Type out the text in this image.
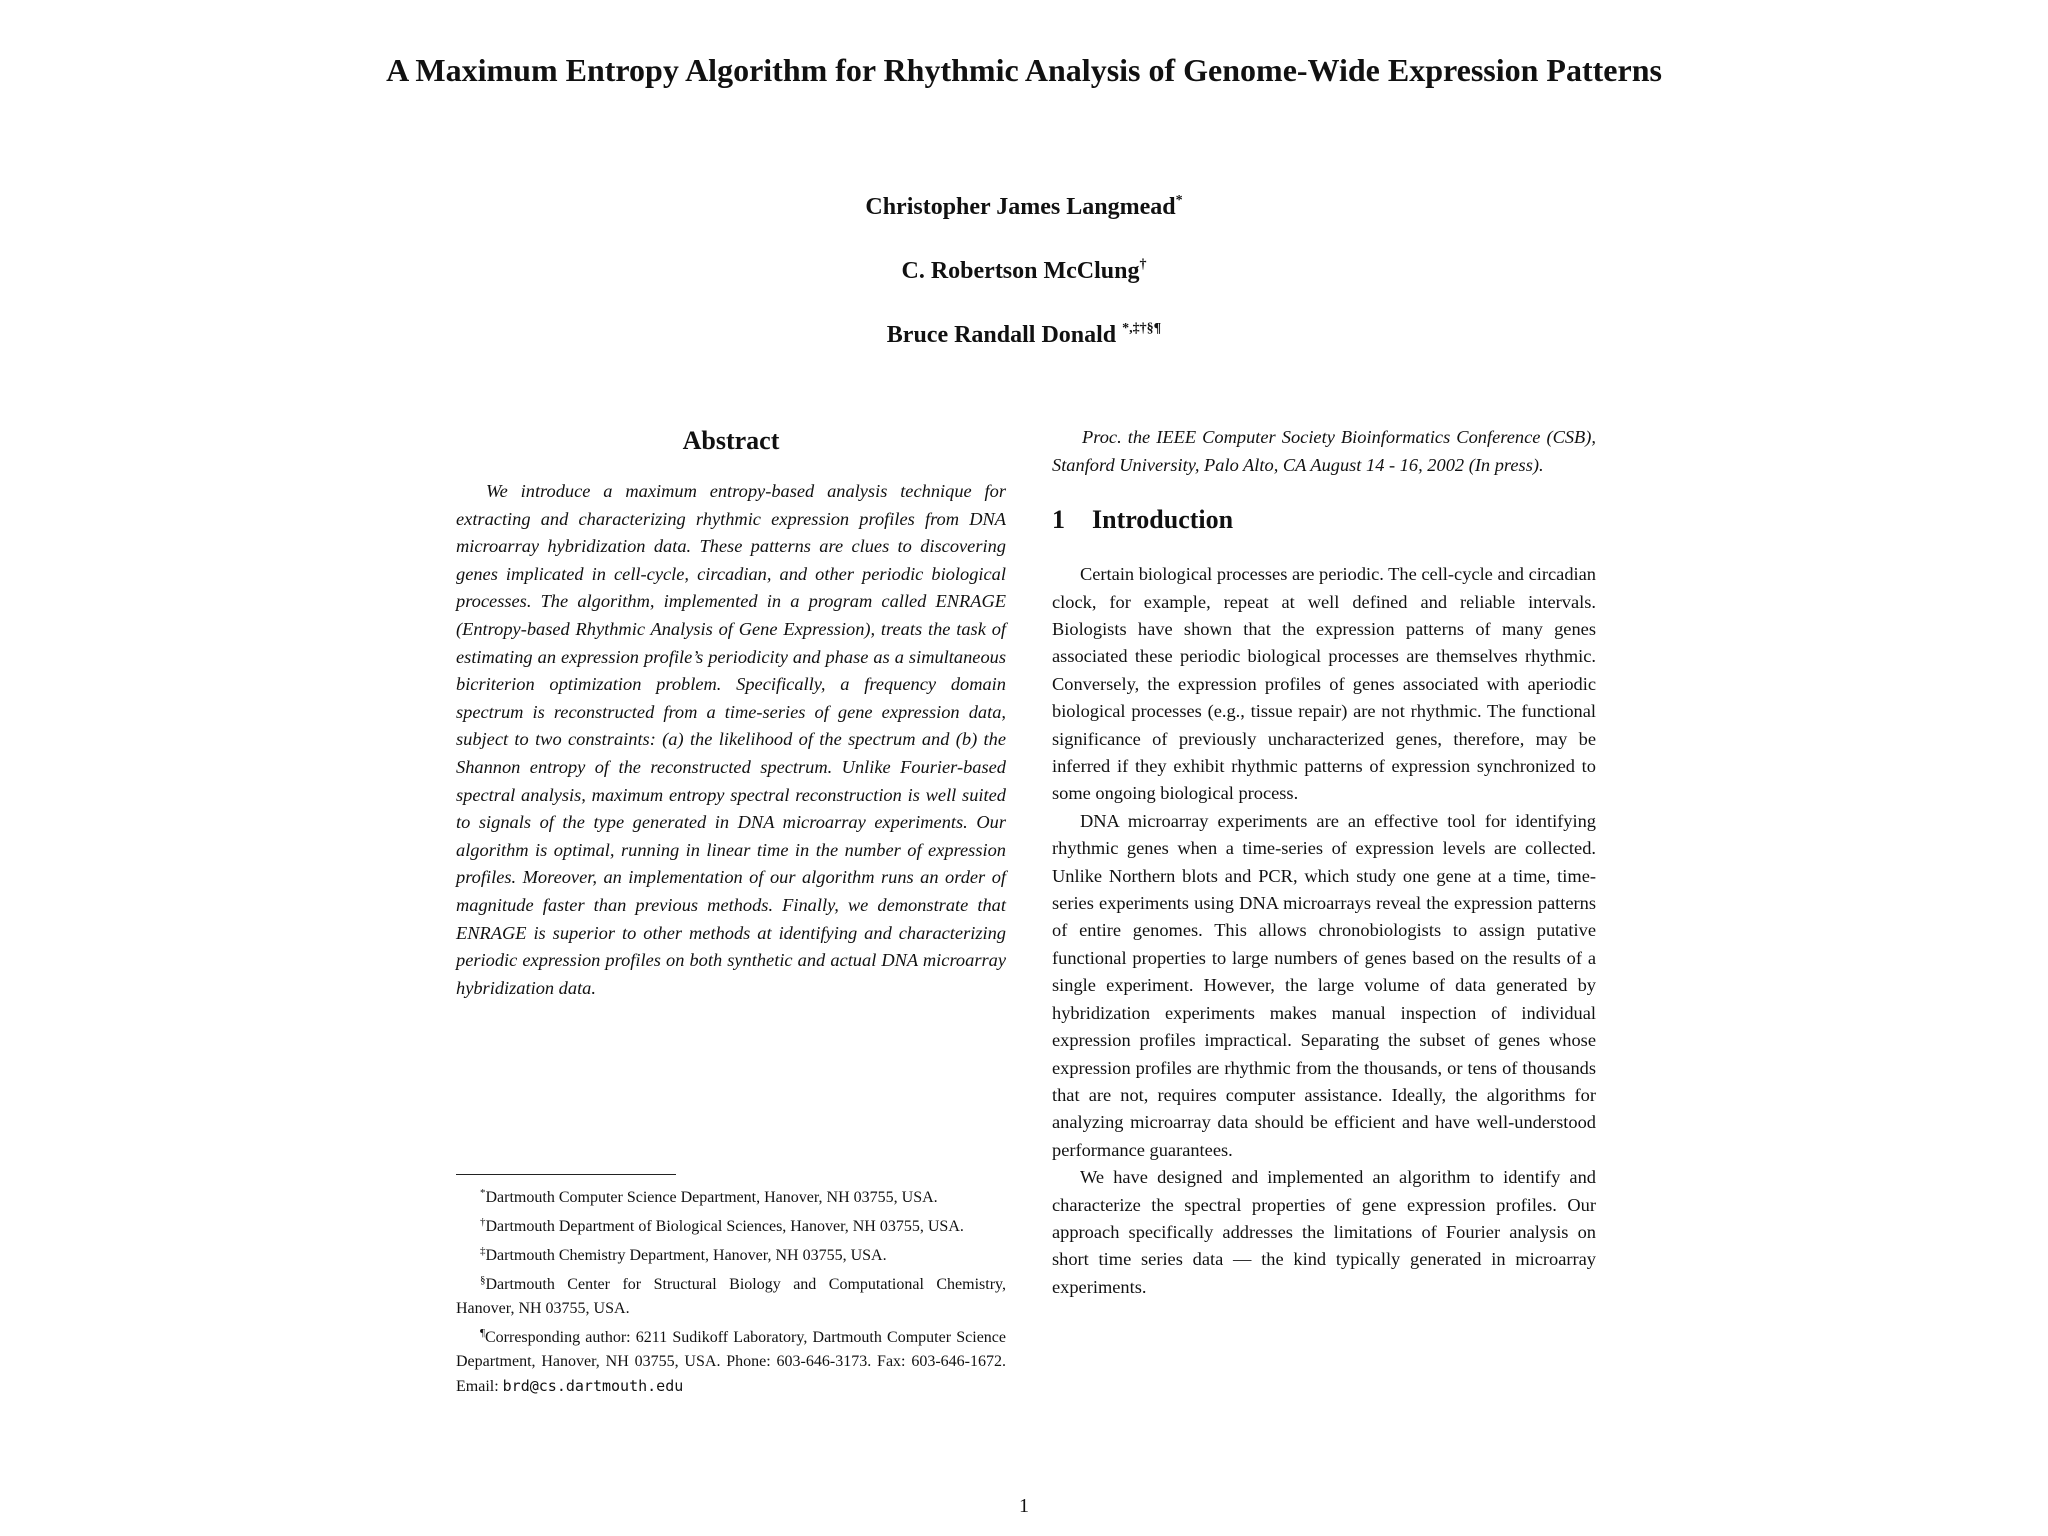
A Maximum Entropy Algorithm for Rhythmic Analysis of Genome-Wide Expression Patterns
Christopher James Langmead*
C. Robertson McClung†
Bruce Randall Donald *,‡†§¶
Abstract

We introduce a maximum entropy-based analysis technique for extracting and characterizing rhythmic expression profiles from DNA microarray hybridization data. These patterns are clues to discovering genes implicated in cell-cycle, circadian, and other periodic biological processes. The algorithm, implemented in a program called ENRAGE (Entropy-based Rhythmic Analysis of Gene Expression), treats the task of estimating an expression profile’s periodicity and phase as a simultaneous bicriterion optimization problem. Specifically, a frequency domain spectrum is reconstructed from a time-series of gene expression data, subject to two constraints: (a) the likelihood of the spectrum and (b) the Shannon entropy of the reconstructed spectrum. Unlike Fourier-based spectral analysis, maximum entropy spectral reconstruction is well suited to signals of the type generated in DNA microarray experiments. Our algorithm is optimal, running in linear time in the number of expression profiles. Moreover, an implementation of our algorithm runs an order of magnitude faster than previous methods. Finally, we demonstrate that ENRAGE is superior to other methods at identifying and characterizing periodic expression profiles on both synthetic and actual DNA microarray hybridization data.

*Dartmouth Computer Science Department, Hanover, NH 03755, USA.

†Dartmouth Department of Biological Sciences, Hanover, NH 03755, USA.

‡Dartmouth Chemistry Department, Hanover, NH 03755, USA.

§Dartmouth Center for Structural Biology and Computational Chemistry, Hanover, NH 03755, USA.

¶Corresponding author: 6211 Sudikoff Laboratory, Dartmouth Computer Science Department, Hanover, NH 03755, USA. Phone: 603-646-3173. Fax: 603-646-1672. Email: brd@cs.dartmouth.edu

Proc. the IEEE Computer Society Bioinformatics Conference (CSB), Stanford University, Palo Alto, CA August 14 - 16, 2002 (In press).

1 Introduction

Certain biological processes are periodic. The cell-cycle and circadian clock, for example, repeat at well defined and reliable intervals. Biologists have shown that the expression patterns of many genes associated these periodic biological processes are themselves rhythmic. Conversely, the expression profiles of genes associated with aperiodic biological processes (e.g., tissue repair) are not rhythmic. The functional significance of previously uncharacterized genes, therefore, may be inferred if they exhibit rhythmic patterns of expression synchronized to some ongoing biological process.

DNA microarray experiments are an effective tool for identifying rhythmic genes when a time-series of expression levels are collected. Unlike Northern blots and PCR, which study one gene at a time, time-series experiments using DNA microarrays reveal the expression patterns of entire genomes. This allows chronobiologists to assign putative functional properties to large numbers of genes based on the results of a single experiment. However, the large volume of data generated by hybridization experiments makes manual inspection of individual expression profiles impractical. Separating the subset of genes whose expression profiles are rhythmic from the thousands, or tens of thousands that are not, requires computer assistance. Ideally, the algorithms for analyzing microarray data should be efficient and have well-understood performance guarantees.

We have designed and implemented an algorithm to identify and characterize the spectral properties of gene expression profiles. Our approach specifically addresses the limitations of Fourier analysis on short time series data — the kind typically generated in microarray experiments.

1
